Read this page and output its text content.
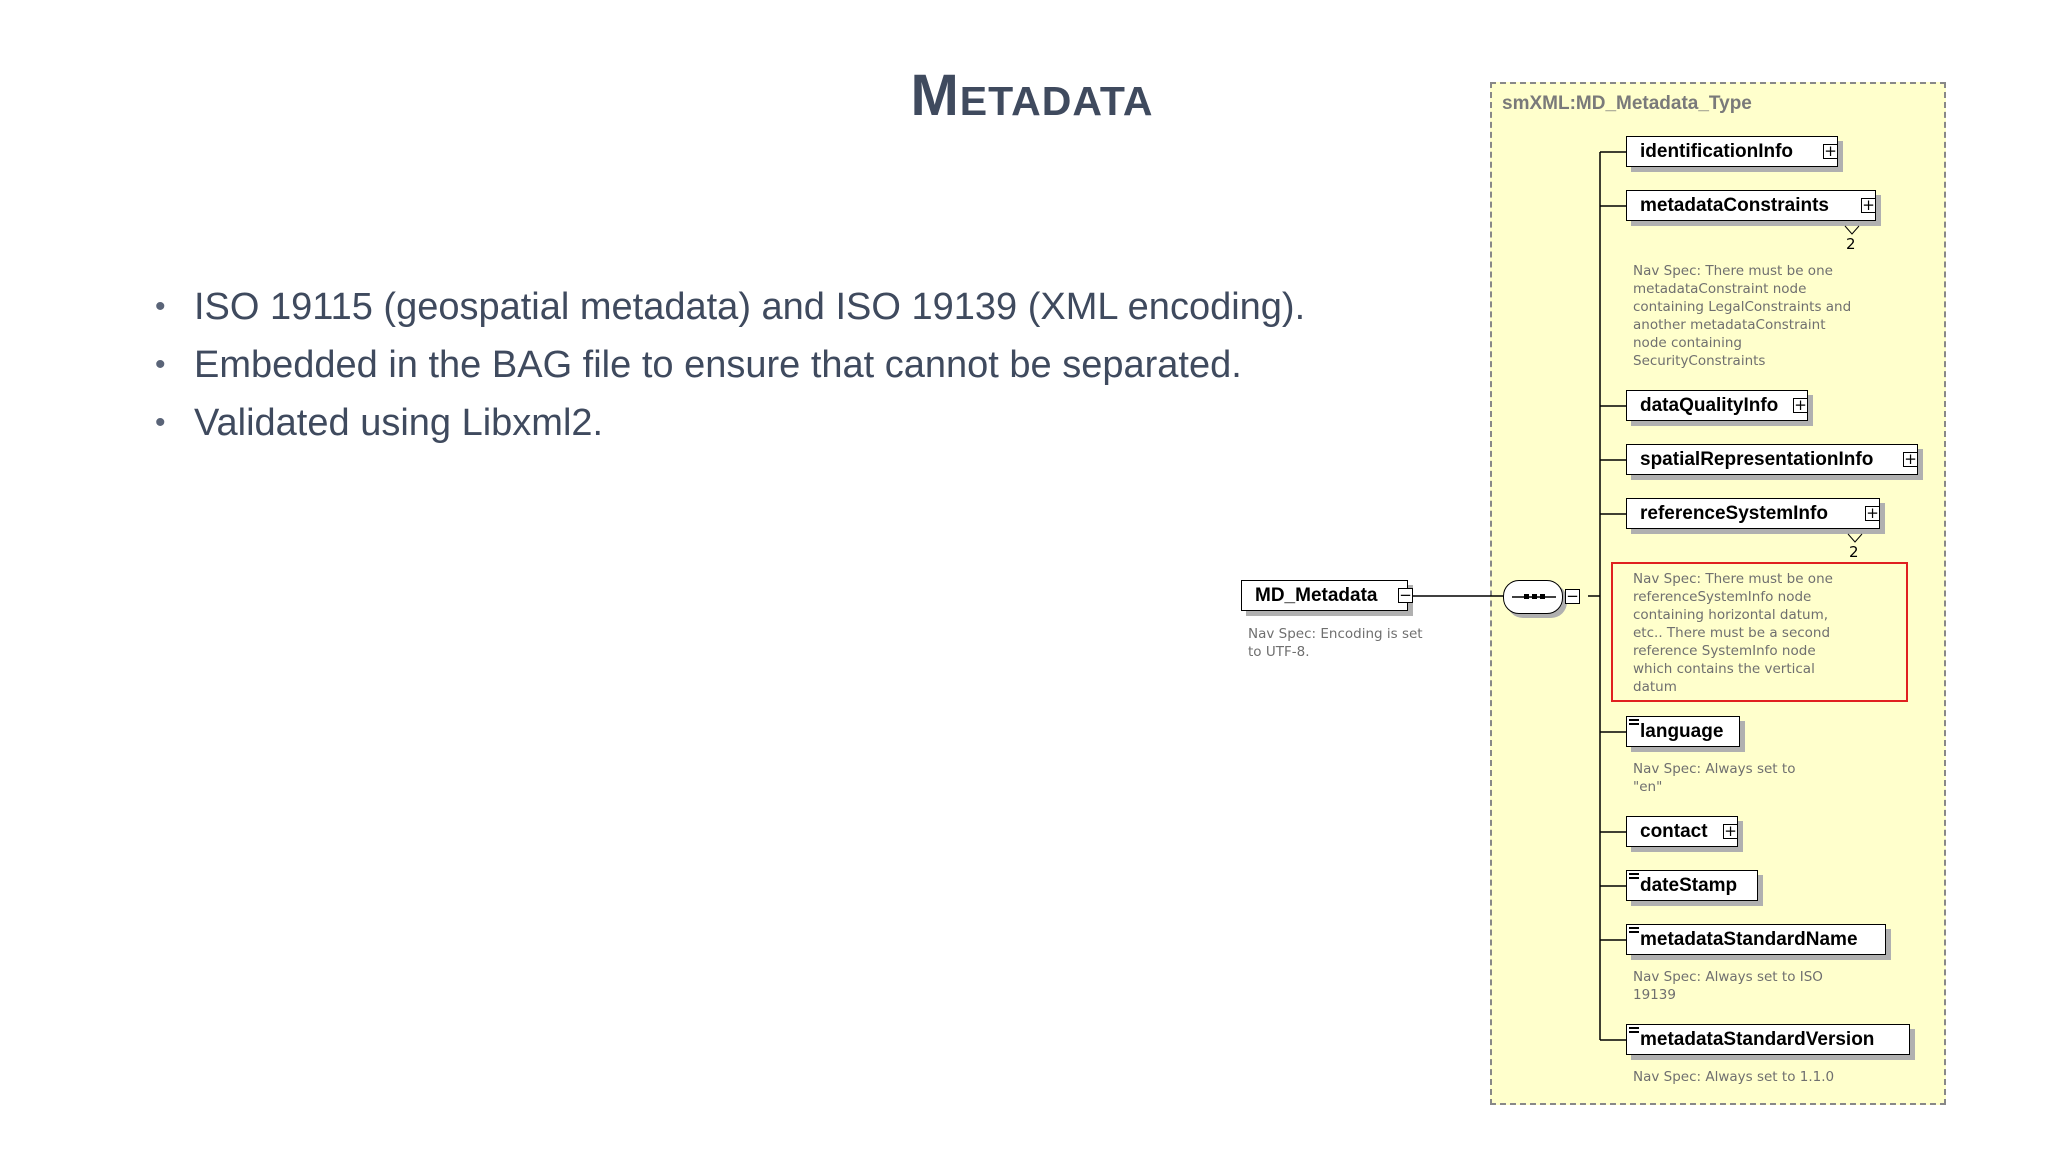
Metadata
• ISO 19115 (geospatial metadata) and ISO 19139 (XML encoding).
• Embedded in the BAG file to ensure that cannot be separated.
• Validated using Libxml2.
smXML:MD_Metadata_Type
MD_Metadata −
Nav Spec: Encoding is set
to UTF-8.
−
identificationInfo +
metadataConstraints +
2
Nav Spec: There must be one
metadataConstraint node
containing LegalConstraints and
another metadataConstraint
node containing
SecurityConstraints
dataQualityInfo +
spatialRepresentationInfo +
referenceSystemInfo	+
2
Nav Spec: There must be one
referenceSystemInfo node
containing horizontal datum,
etc.. There must be a second
reference SystemInfo node
which contains the vertical
datum
language
Nav Spec: Always set to
"en"
contact +
dateStamp
metadataStandardName
Nav Spec: Always set to ISO
19139
metadataStandardVersion
Nav Spec: Always set to 1.1.0
